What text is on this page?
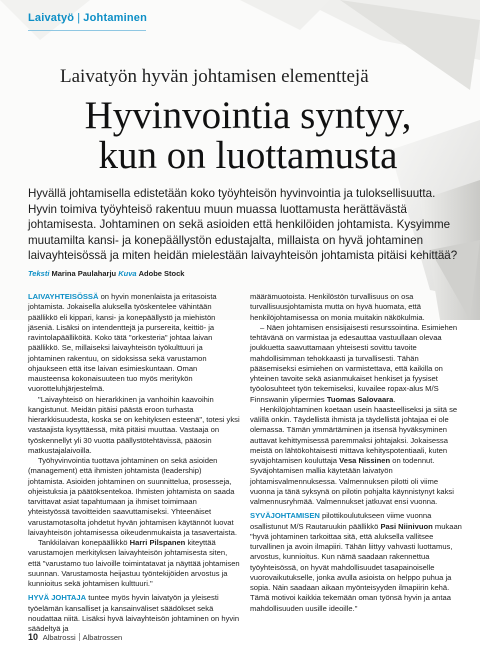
Laivatyö | Johtaminen
Laivatyön hyvän johtamisen elementtejä
Hyvinvointia syntyy,
kun on luottamusta
Hyvällä johtamisella edistetään koko työyhteisön hyvinvointia ja tuloksellisuutta. Hyvin toimiva työyhteisö rakentuu muun muassa luottamusta herättävästä johtamisesta. Johtaminen on sekä asioiden että henkilöiden johtamista. Kysyimme muutamilta kansi- ja konepäällystön edustajalta, millaista on hyvä johtaminen laivayhteisössä ja miten heidän mielestään laivayhteisön johtamista pitäisi kehittää?
Teksti Marina Paulaharju Kuva Adobe Stock

LAIVAYHTEISÖSSÄ on hyvin monenlaista ja eritasoista johtamista. Jokaisella aluksella työskentelee vähintään päällikkö eli kippari, kansi- ja konepäällystö ja miehistön jäseniä. Lisäksi on intendenttejä ja pursereita, keittiö- ja ravintolapäälliköitä. Koko tätä "orkesteria" johtaa laivan päällikkö. Se, millaiseksi laivayhteisön työkulttuuri ja johtaminen rakentuu, on sidoksissa sekä varustamon ohjaukseen että itse laivan esimieskuntaan. Oman mausteensa kokonaisuuteen tuo myös meritykön vuorotteluhjärjestelmä.

"Laivayhteisö on hierarkkinen ja vanhoihin kaavoihin kangistunut. Meidän pitäisi päästä eroon turhasta hierarkkisuudesta, koska se on kehityksen esteenä", totesi yksi vastaajista kysyttäessä, mitä pitäisi muuttaa. Vastaaja on työskennellyt yli 30 vuotta päällystötehtävissä, pääosin matkustajalaivoilla.

Työhyvinvointia tuottava johtaminen on sekä asioiden (management) että ihmisten johtamista (leadership) johtamista. Asioiden johtaminen on suunnittelua, prosesseja, ohjeistuksia ja päätöksentekoa. Ihmisten johtamista on saada tarvittavat asiat tapahtumaan ja ihmiset toimimaan yhteistyössä tavoitteiden saavuttamiseksi. Yhteenäiset varustamotasolta johdetut hyvän johtamisen käytännöt luovat laivayhteisön johtamisessa oikeudenmukaista ja tasavertaista.

Tankkilaivan konepäällikkö Harri Pilspanen kiteyttää varustamojen merkityksen laivayhteisön johtamisesta siten, että "varustamo tuo laivoille toimintatavat ja näyttää johtamisen suunnan. Varustamosta heijastuu työntekijöiden arvostus ja kunnioitus sekä johtamisen kulttuuri."

HYVÄ JOHTAJA tuntee myös hyvin laivatyön ja yleisesti työelämän kansalliset ja kansainväliset säädökset sekä noudattaa niitä. Lisäksi hyvä laivayhteisön johtaminen on hyvin säädeltyä ja

määrämuotoista. Henkilöstön turvallisuus on osa turvallisuusjohtamista mutta on hyvä huomata, että henkilöjohtamisessa on monia muitakin näkökulmia.

– Näen johtamisen ensisijaisesti resurssointina. Esimiehen tehtävänä on varmistaa ja edesauttaa vastuullaan olevaa joukkuetta saavuttamaan yhteisesti sovittu tavoite mahdollisimman tehokkaasti ja turvallisesti. Tähän pääsemiseksi esimiehen on varmistettava, että kaikilla on yhteinen tavoite sekä asianmukaiset henkiset ja fyysiset työolosuhteet työn tekemiseksi, kuvailee ropax-alus M/S Finnswanin ylipermies Tuomas Salovaara.

Henkilöjohtaminen koetaan usein haasteelliseksi ja siitä se välillä onkin. Täydellistä ihmistä ja täydellistä johtajaa ei ole olemassa. Tämän ymmärtäminen ja itsensä hyväksyminen auttavat kehittymisessä paremmaksi johtajaksi. Jokaisessa meistä on lähtökohtaisesti mittava kehityspotentiaali, kuten syväjohtamisen kouluttaja Vesa Nissinen on todennut. Syväjohtamisen mallia käytetään laivatyön johtamisvalmennuksessa. Valmennuksen pilotti oli viime vuonna ja tänä syksynä on pilotin pohjalta käynnistynyt kaksi valmennusryhmää. Valmennukset jatkuvat ensi vuonna.

SYVÄJOHTAMISEN pilottikoulutukseen viime vuonna osallistunut M/S Rautaruukin päällikkö Pasi Niinivuon mukaan "hyvä johtaminen tarkoittaa sitä, että aluksella vallitsee turvallinen ja avoin ilmapiiri. Tähän liittyy vahvasti luottamus, arvostus, kunnioitus. Kun nämä saadaan rakennettua työyhteisössä, on hyvät mahdollisuudet tasapainoiselle vuorovaikutukselle, jonka avulla asioista on helppo puhua ja sopia. Näin saadaan aikaan myönteisyyden ilmapiirin kehä. Tämä motivoi kaikkia tekemään oman työnsä hyvin ja antaa mahdollisuuden uusille ideoille."

10 Albatrossi Albatrossen
